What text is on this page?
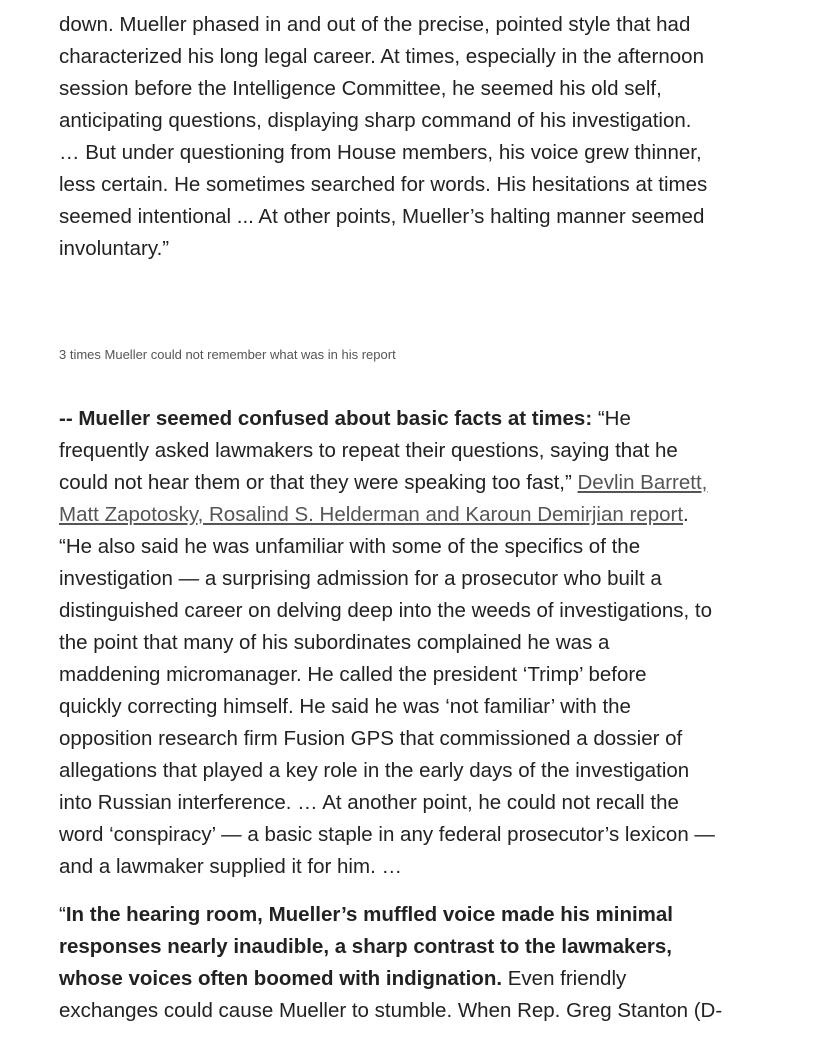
down. Mueller phased in and out of the precise, pointed style that had
characterized his long legal career. At times, especially in the afternoon
session before the Intelligence Committee, he seemed his old self,
anticipating questions, displaying sharp command of his investigation.
… But under questioning from House members, his voice grew thinner,
less certain. He sometimes searched for words. His hesitations at times
seemed intentional ... At other points, Mueller’s halting manner seemed
involuntary.”

3 times Mueller could not remember what was in his report

-- Mueller seemed confused about basic facts at times: “He
frequently asked lawmakers to repeat their questions, saying that he
could not hear them or that they were speaking too fast,” Devlin Barrett,
Matt Zapotosky, Rosalind S. Helderman and Karoun Demirjian report.
“He also said he was unfamiliar with some of the specifics of the
investigation — a surprising admission for a prosecutor who built a
distinguished career on delving deep into the weeds of investigations, to
the point that many of his subordinates complained he was a
maddening micromanager. He called the president ‘Trimp’ before
quickly correcting himself. He said he was ‘not familiar’ with the
opposition research firm Fusion GPS that commissioned a dossier of
allegations that played a key role in the early days of the investigation
into Russian interference. … At another point, he could not recall the
word ‘conspiracy’ — a basic staple in any federal prosecutor’s lexicon —
and a lawmaker supplied it for him. …

“In the hearing room, Mueller’s muffled voice made his minimal
responses nearly inaudible, a sharp contrast to the lawmakers,
whose voices often boomed with indignation. Even friendly
exchanges could cause Mueller to stumble. When Rep. Greg Stanton (D-
